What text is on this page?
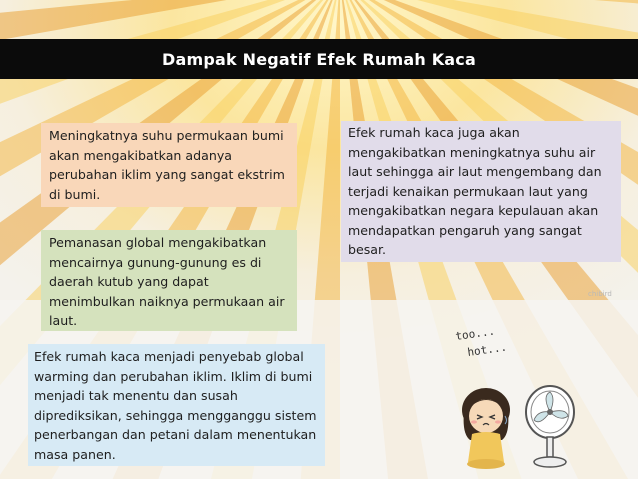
Dampak Negatif Efek Rumah Kaca
Meningkatnya suhu permukaan bumi akan mengakibatkan adanya perubahan iklim yang sangat ekstrim di bumi.
Efek rumah kaca juga akan mengakibatkan meningkatnya suhu air laut sehingga air laut mengembang dan terjadi kenaikan permukaan laut yang mengakibatkan negara kepulauan akan mendapatkan pengaruh yang sangat besar.
Pemanasan global mengakibatkan mencairnya gunung-gunung es di daerah kutub yang dapat menimbulkan naiknya permukaan air laut.
Efek rumah kaca menjadi penyebab global warming dan perubahan iklim. Iklim di bumi menjadi tak menentu dan susah diprediksikan, sehingga mengganggu sistem penerbangan dan petani dalam menentukan masa panen.
chibird
too...
hot...
